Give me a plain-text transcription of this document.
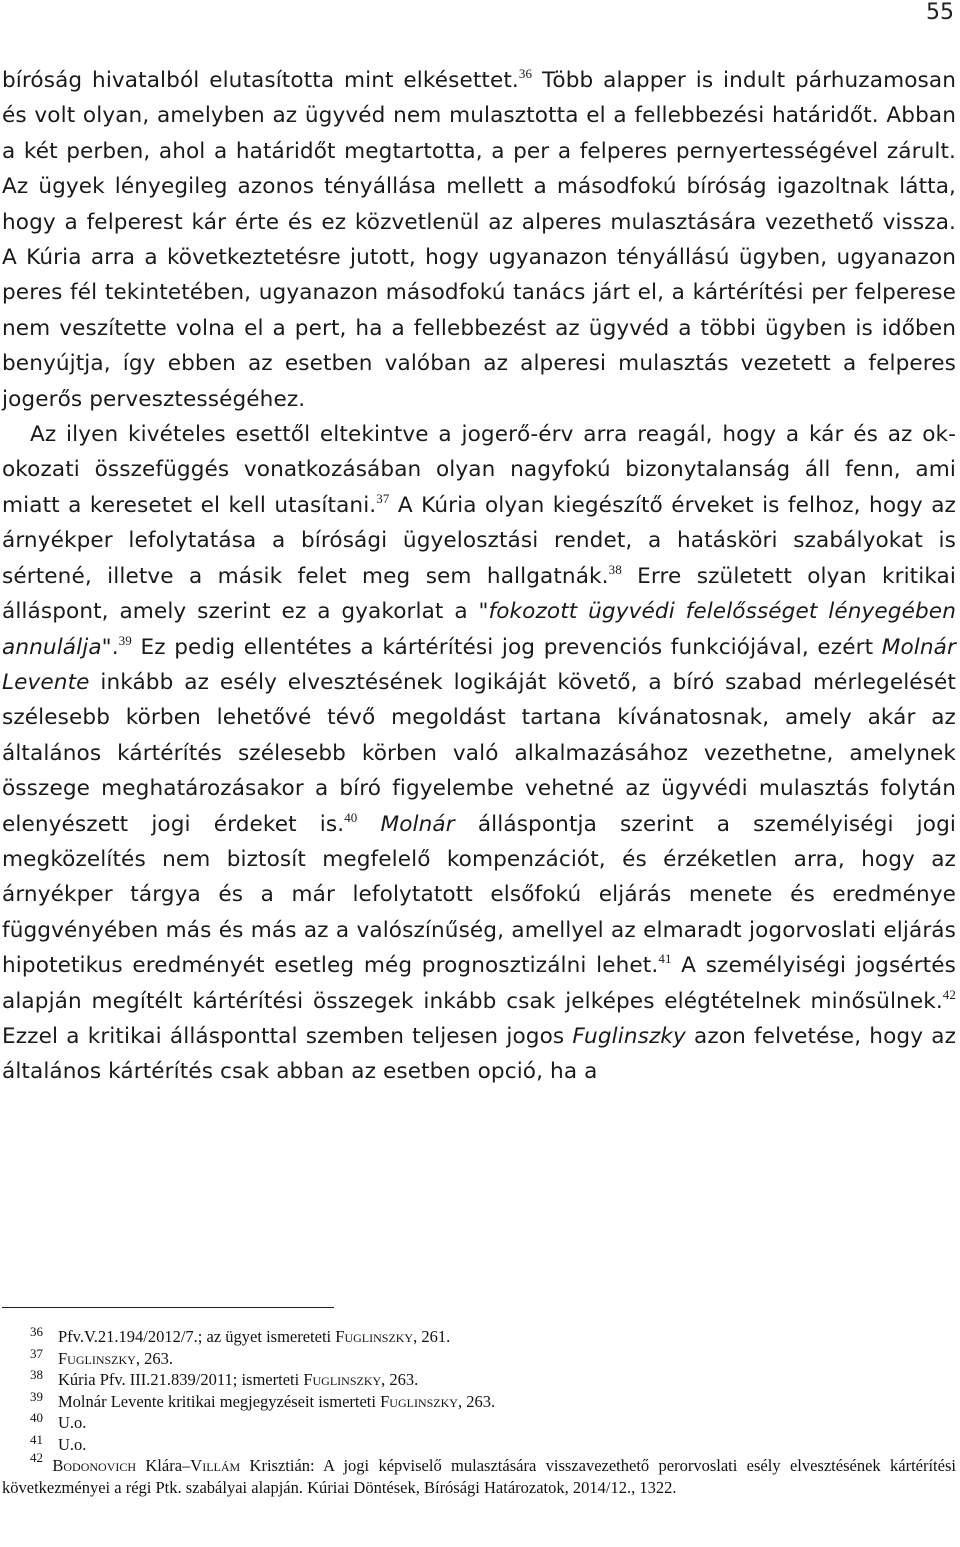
55

bíróság hivatalból elutasította mint elkésettet.$^{36}$ Több alapper is indult párhuzamosan és volt olyan, amelyben az ügyvéd nem mulasztotta el a fellebbezési határidőt. Abban a két perben, ahol a határidőt megtartotta, a per a felperes pernyertességével zárult. Az ügyek lényegileg azonos tényállása mellett a másodfokú bíróság igazoltnak látta, hogy a felperest kár érte és ez közvetlenül az alperes mulasztására vezethető vissza. A Kúria arra a következtetésre jutott, hogy ugyanazon tényállású ügyben, ugyanazon peres fél tekintetében, ugyanazon másodfokú tanács járt el, a kártérítési per felperese nem veszítette volna el a pert, ha a fellebbezést az ügyvéd a többi ügyben is időben benyújtja, így ebben az esetben valóban az alperesi mulasztás vezetett a felperes jogerős pervesztességéhez.

Az ilyen kivételes esettől eltekintve a jogerő-érv arra reagál, hogy a kár és az ok-okozati összefüggés vonatkozásában olyan nagyfokú bizonytalanság áll fenn, ami miatt a keresetet el kell utasítani.$^{37}$ A Kúria olyan kiegészítő érveket is felhoz, hogy az árnyékper lefolytatása a bírósági ügyelosztási rendet, a hatásköri szabályokat is sértené, illetve a másik felet meg sem hallgatnák.$^{38}$ Erre született olyan kritikai álláspont, amely szerint ez a gyakorlat a "fokozott ügyvédi felelősséget lényegében annulálja".$^{39}$ Ez pedig ellentétes a kártérítési jog prevenciós funkciójával, ezért Molnár Levente inkább az esély elvesztésének logikáját követő, a bíró szabad mérlegelését szélesebb körben lehetővé tévő megoldást tartana kívánatosnak, amely akár az általános kártérítés szélesebb körben való alkalmazásához vezethetne, amelynek összege meghatározásakor a bíró figyelembe vehetné az ügyvédi mulasztás folytán elenyészett jogi érdeket is.$^{40}$ Molnár álláspontja szerint a személyiségi jogi megközelítés nem biztosít megfelelő kompenzációt, és érzéketlen arra, hogy az árnyékper tárgya és a már lefolytatott elsőfokú eljárás menete és eredménye függvényében más és más az a valószínűség, amellyel az elmaradt jogorvoslati eljárás hipotetikus eredményét esetleg még prognosztizálni lehet.$^{41}$ A személyiségi jogsértés alapján megítélt kártérítési összegek inkább csak jelképes elégtételnek minősülnek.$^{42}$ Ezzel a kritikai állásponttal szemben teljesen jogos Fuglinszky azon felvetése, hogy az általános kártérítés csak abban az esetben opció, ha a

$^{36}$ Pfv.V.21.194/2012/7.; az ügyet ismereteti Fuglinszky, 261.

$^{37}$ Fuglinszky, 263.

$^{38}$ Kúria Pfv. III.21.839/2011; ismerteti Fuglinszky, 263.

$^{39}$ Molnár Levente kritikai megjegyzéseit ismerteti Fuglinszky, 263.

$^{40}$ U.o.

$^{41}$ U.o.

$^{42}$ Bodonovich Klára–Villám Krisztián: A jogi képviselő mulasztására visszavezethető perorvoslati esély elvesztésének kártérítési következményei a régi Ptk. szabályai alapján. Kúriai Döntések, Bírósági Határozatok, 2014/12., 1322.
